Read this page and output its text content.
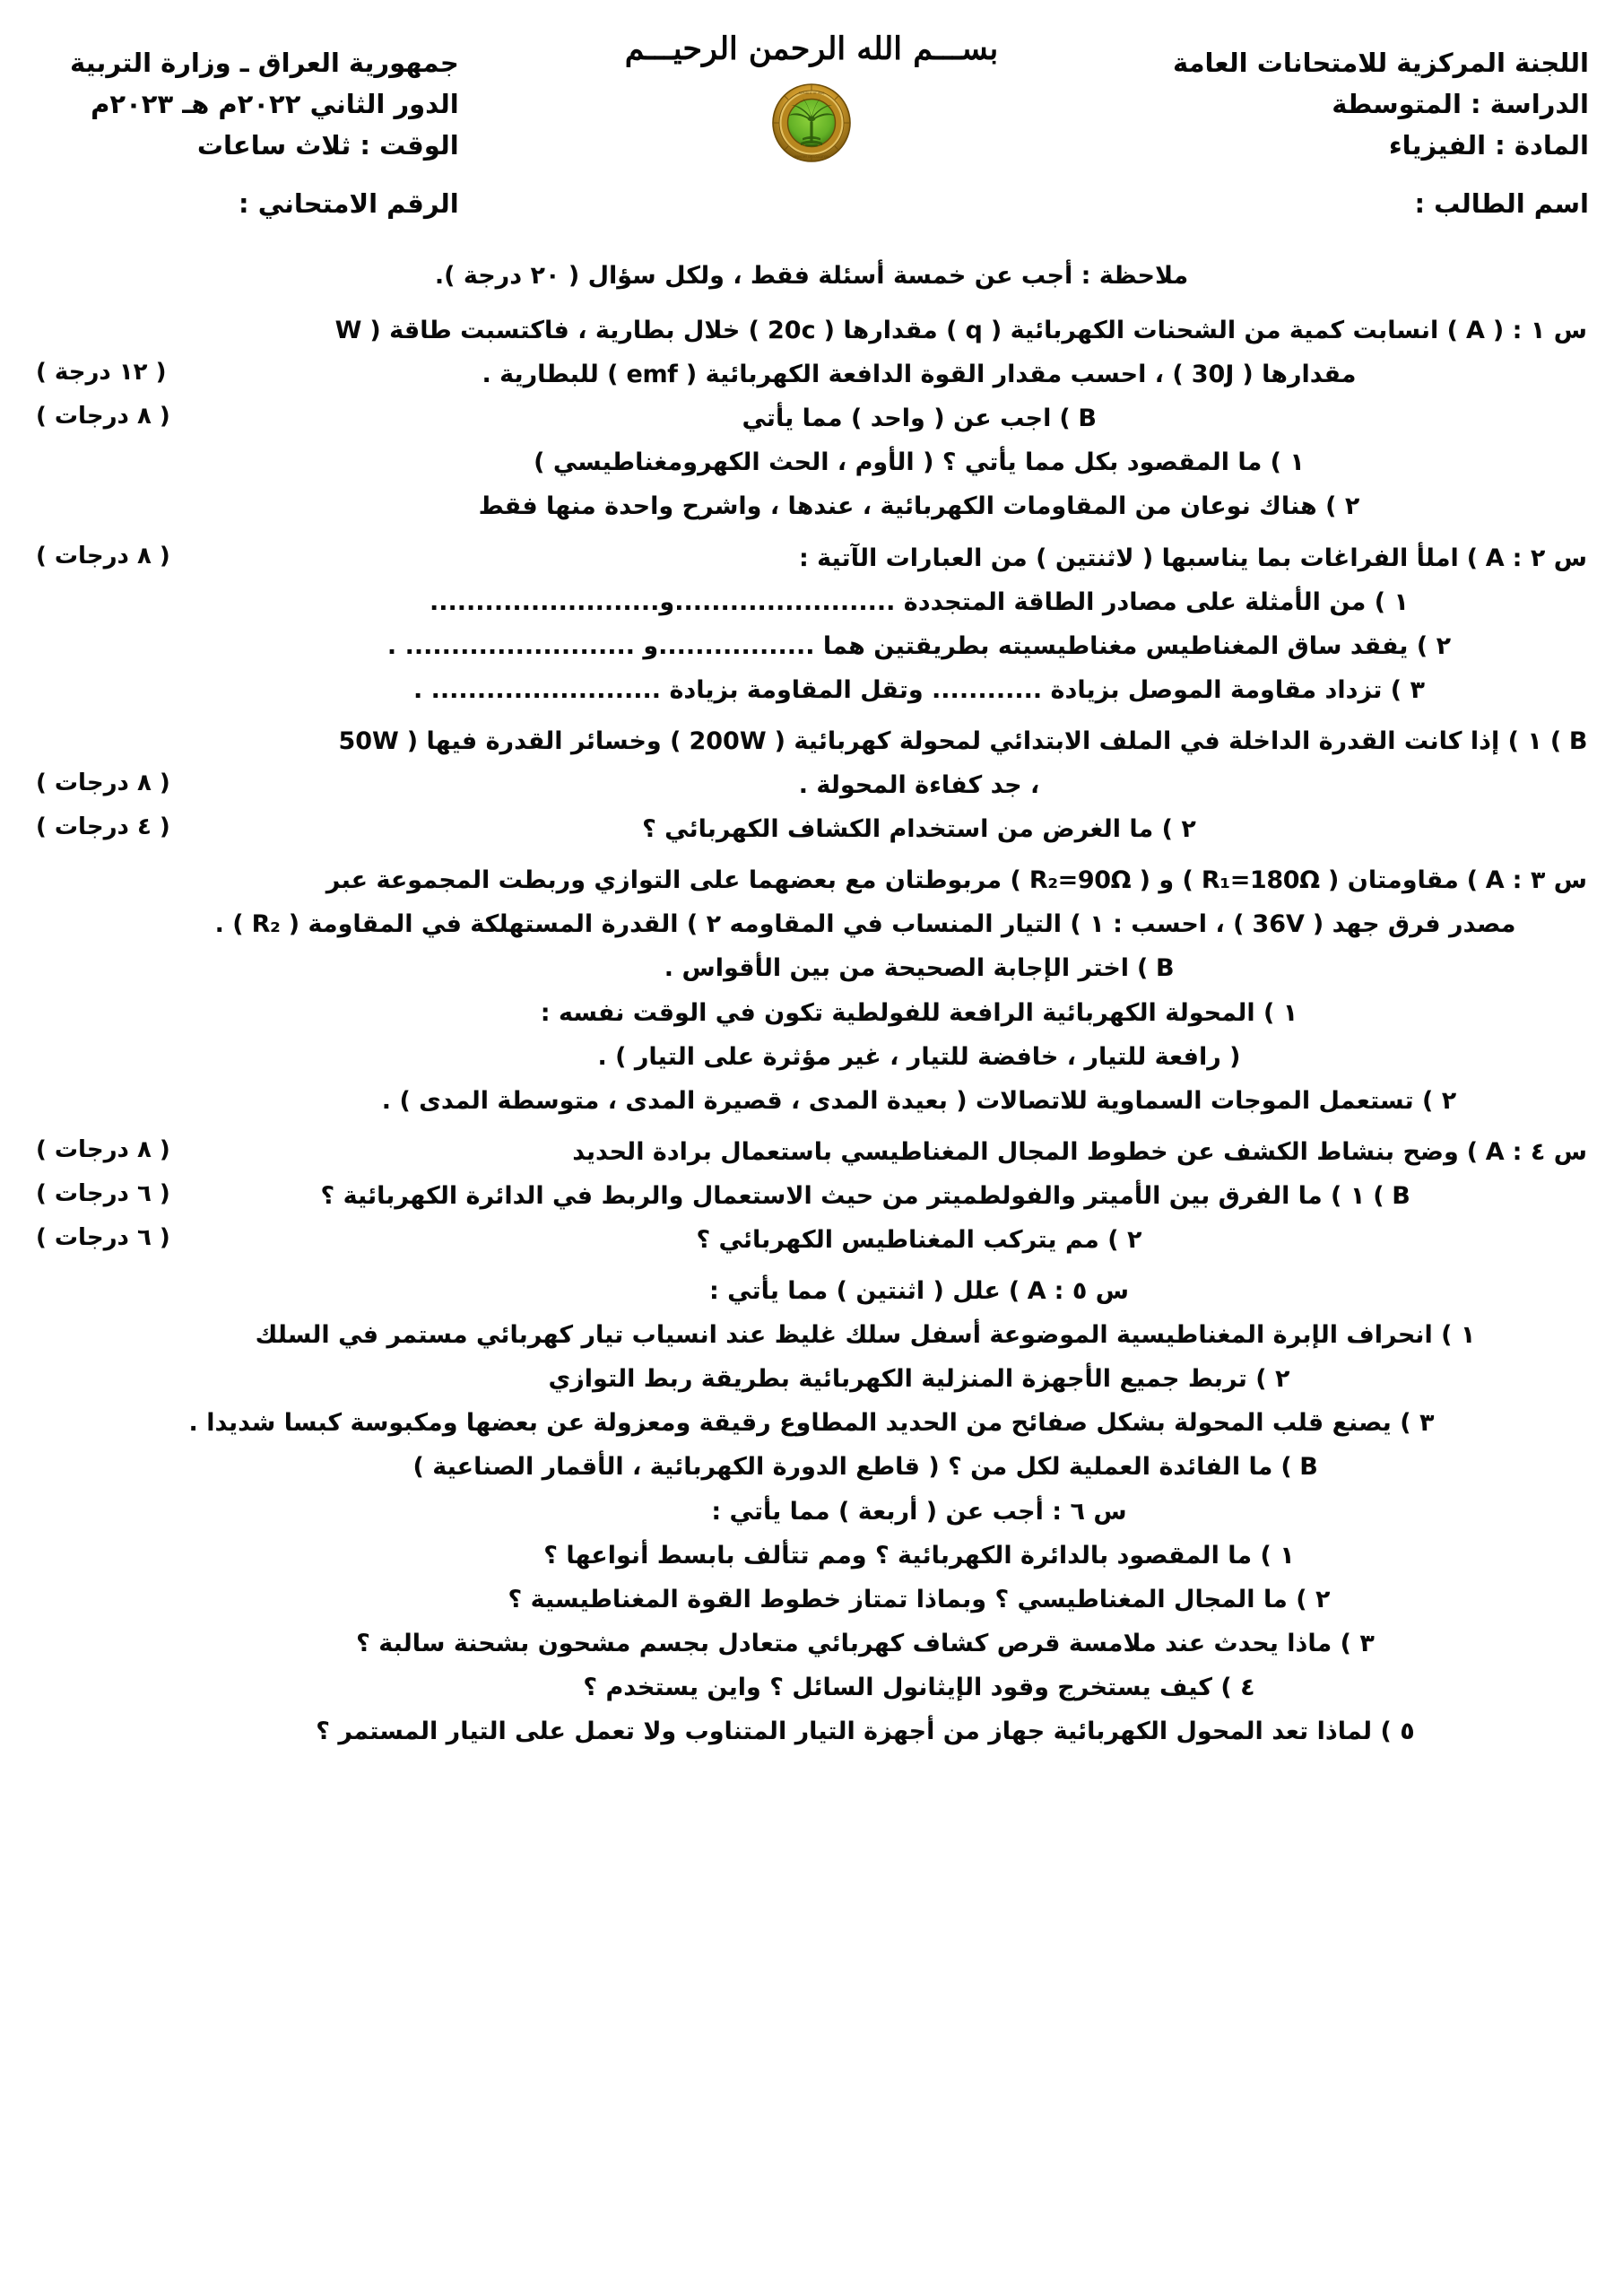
اللجنة المركزية للامتحانات العامة
الدراسة : المتوسطة
المادة : الفيزياء
اسم الطالب :
بســـم الله الرحمن الرحيـــم
REPUBLIC OF IRAQ
MINISTRY OF EDUCATION
جمهورية العراق ـ وزارة التربية
الدور الثاني ٢٠٢٢م هـ ٢٠٢٣م
الوقت : ثلاث ساعات
الرقم الامتحاني :
ملاحظة : أجب عن خمسة أسئلة فقط ، ولكل سؤال ( ٢٠ درجة ).
س ١ : ( A ) انسابت كمية من الشحنات الكهربائية ( q ) مقدارها ( 20c ) خلال بطارية ، فاكتسبت طاقة ( W
( ١٢ درجة )	مقدارها ( 30J ) ، احسب مقدار القوة الدافعة الكهربائية ( emf ) للبطارية .
( ٨ درجات )	B ) اجب عن ( واحد ) مما يأتي
١ ) ما المقصود بكل مما يأتي ؟ ( الأوم ، الحث الكهرومغناطيسي )
٢ ) هناك نوعان من المقاومات الكهربائية ، عندها ، واشرح واحدة منها فقط
( ٨ درجات )	س ٢ : A ) املأ الفراغات بما يناسبها ( لاثنتين ) من العبارات الآتية :
١ ) من الأمثلة على مصادر الطاقة المتجددة ........................و.........................
٢ ) يفقد ساق المغناطيس مغناطيسيته بطريقتين هما .................و ......................... .
٣ ) تزداد مقاومة الموصل بزيادة ............ وتقل المقاومة بزيادة ......................... .
B ) ١ ) إذا كانت القدرة الداخلة في الملف الابتدائي لمحولة كهربائية ( 200W ) وخسائر القدرة فيها ( 50W
( ٨ درجات )	، جد كفاءة المحولة .
( ٤ درجات )	٢ ) ما الغرض من استخدام الكشاف الكهربائي ؟
س ٣ : A ) مقاومتان ( R₁=180Ω ) و ( R₂=90Ω ) مربوطتان مع بعضهما على التوازي وربطت المجموعة عبر
مصدر فرق جهد ( 36V ) ، احسب : ١ ) التيار المنساب في المقاومه ٢ ) القدرة المستهلكة في المقاومة ( R₂ ) .
B ) اختر الإجابة الصحيحة من بين الأقواس .
١ ) المحولة الكهربائية الرافعة للفولطية تكون في الوقت نفسه :
( رافعة للتيار ، خافضة للتيار ، غير مؤثرة على التيار ) .
٢ ) تستعمل الموجات السماوية للاتصالات ( بعيدة المدى ، قصيرة المدى ، متوسطة المدى ) .
( ٨ درجات )	س ٤ : A ) وضح بنشاط الكشف عن خطوط المجال المغناطيسي باستعمال برادة الحديد
( ٦ درجات )	B ) ١ ) ما الفرق بين الأميتر والفولطميتر من حيث الاستعمال والربط في الدائرة الكهربائية ؟
( ٦ درجات )	٢ ) مم يتركب المغناطيس الكهربائي ؟
س ٥ : A ) علل ( اثنتين ) مما يأتي :
١ ) انحراف الإبرة المغناطيسية الموضوعة أسفل سلك غليظ عند انسياب تيار كهربائي مستمر في السلك
٢ ) تربط جميع الأجهزة المنزلية الكهربائية بطريقة ربط التوازي
٣ ) يصنع قلب المحولة بشكل صفائح من الحديد المطاوع رقيقة ومعزولة عن بعضها ومكبوسة كبسا شديدا .
B ) ما الفائدة العملية لكل من ؟ ( قاطع الدورة الكهربائية ، الأقمار الصناعية )
س ٦ : أجب عن ( أربعة ) مما يأتي :
١ ) ما المقصود بالدائرة الكهربائية ؟ ومم تتألف بابسط أنواعها ؟
٢ ) ما المجال المغناطيسي ؟ وبماذا تمتاز خطوط القوة المغناطيسية ؟
٣ ) ماذا يحدث عند ملامسة قرص كشاف كهربائي متعادل بجسم مشحون بشحنة سالبة ؟
٤ ) كيف يستخرج وقود الإيثانول السائل ؟ واين يستخدم ؟
٥ ) لماذا تعد المحول الكهربائية جهاز من أجهزة التيار المتناوب ولا تعمل على التيار المستمر ؟
